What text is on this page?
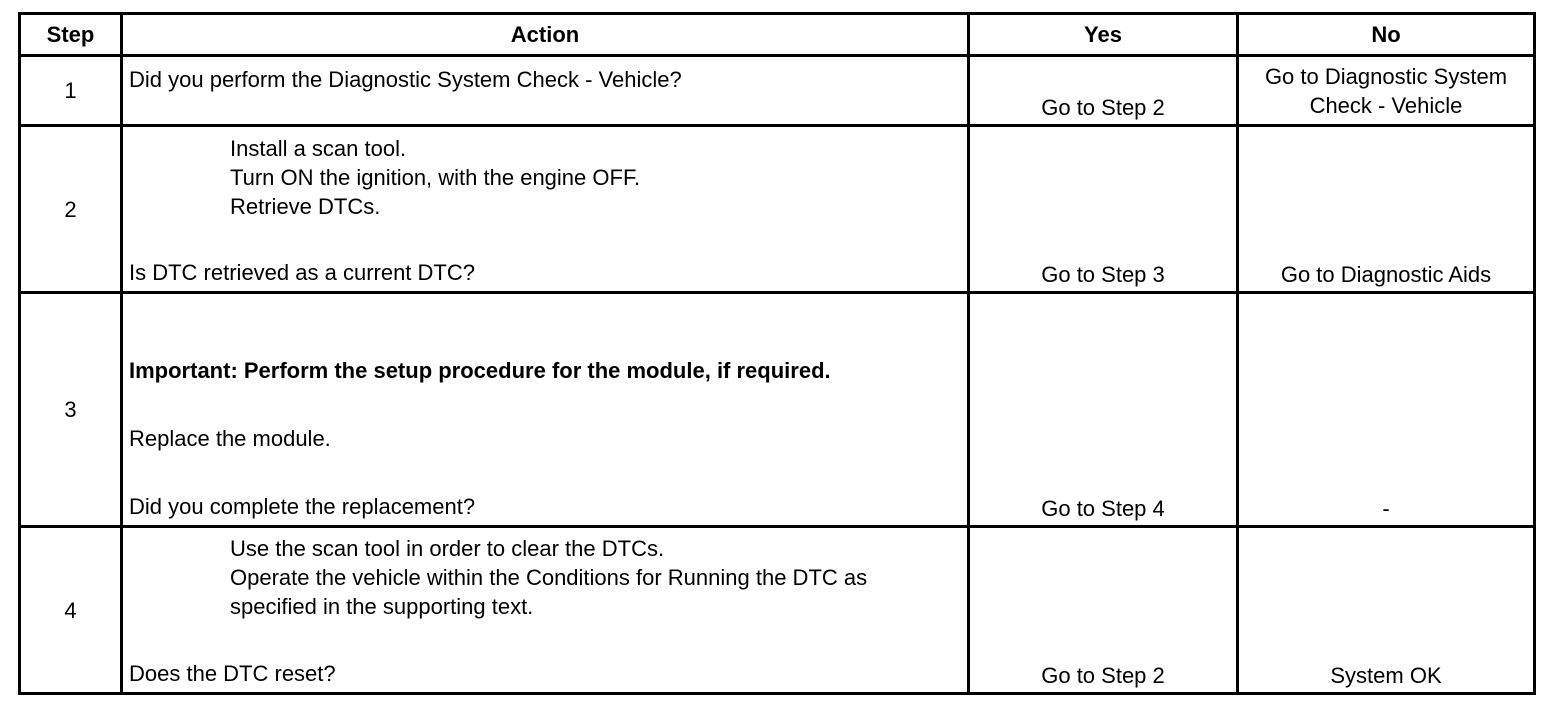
Step	Action	Yes	No
1	Did you perform the Diagnostic System Check - Vehicle?	Go to Step 2	Go to Diagnostic System
Check - Vehicle

2	Install a scan tool.
Turn ON the ignition, with the engine OFF.
Retrieve DTCs.
Is DTC retrieved as a current DTC?	Go to Step 3	Go to Diagnostic Aids
3	Important: Perform the setup procedure for the module, if required.
Replace the module.
Did you complete the replacement?	Go to Step 4	-
4	Use the scan tool in order to clear the DTCs.
Operate the vehicle within the Conditions for Running the DTC as
specified in the supporting text.
Does the DTC reset?	Go to Step 2	System OK
